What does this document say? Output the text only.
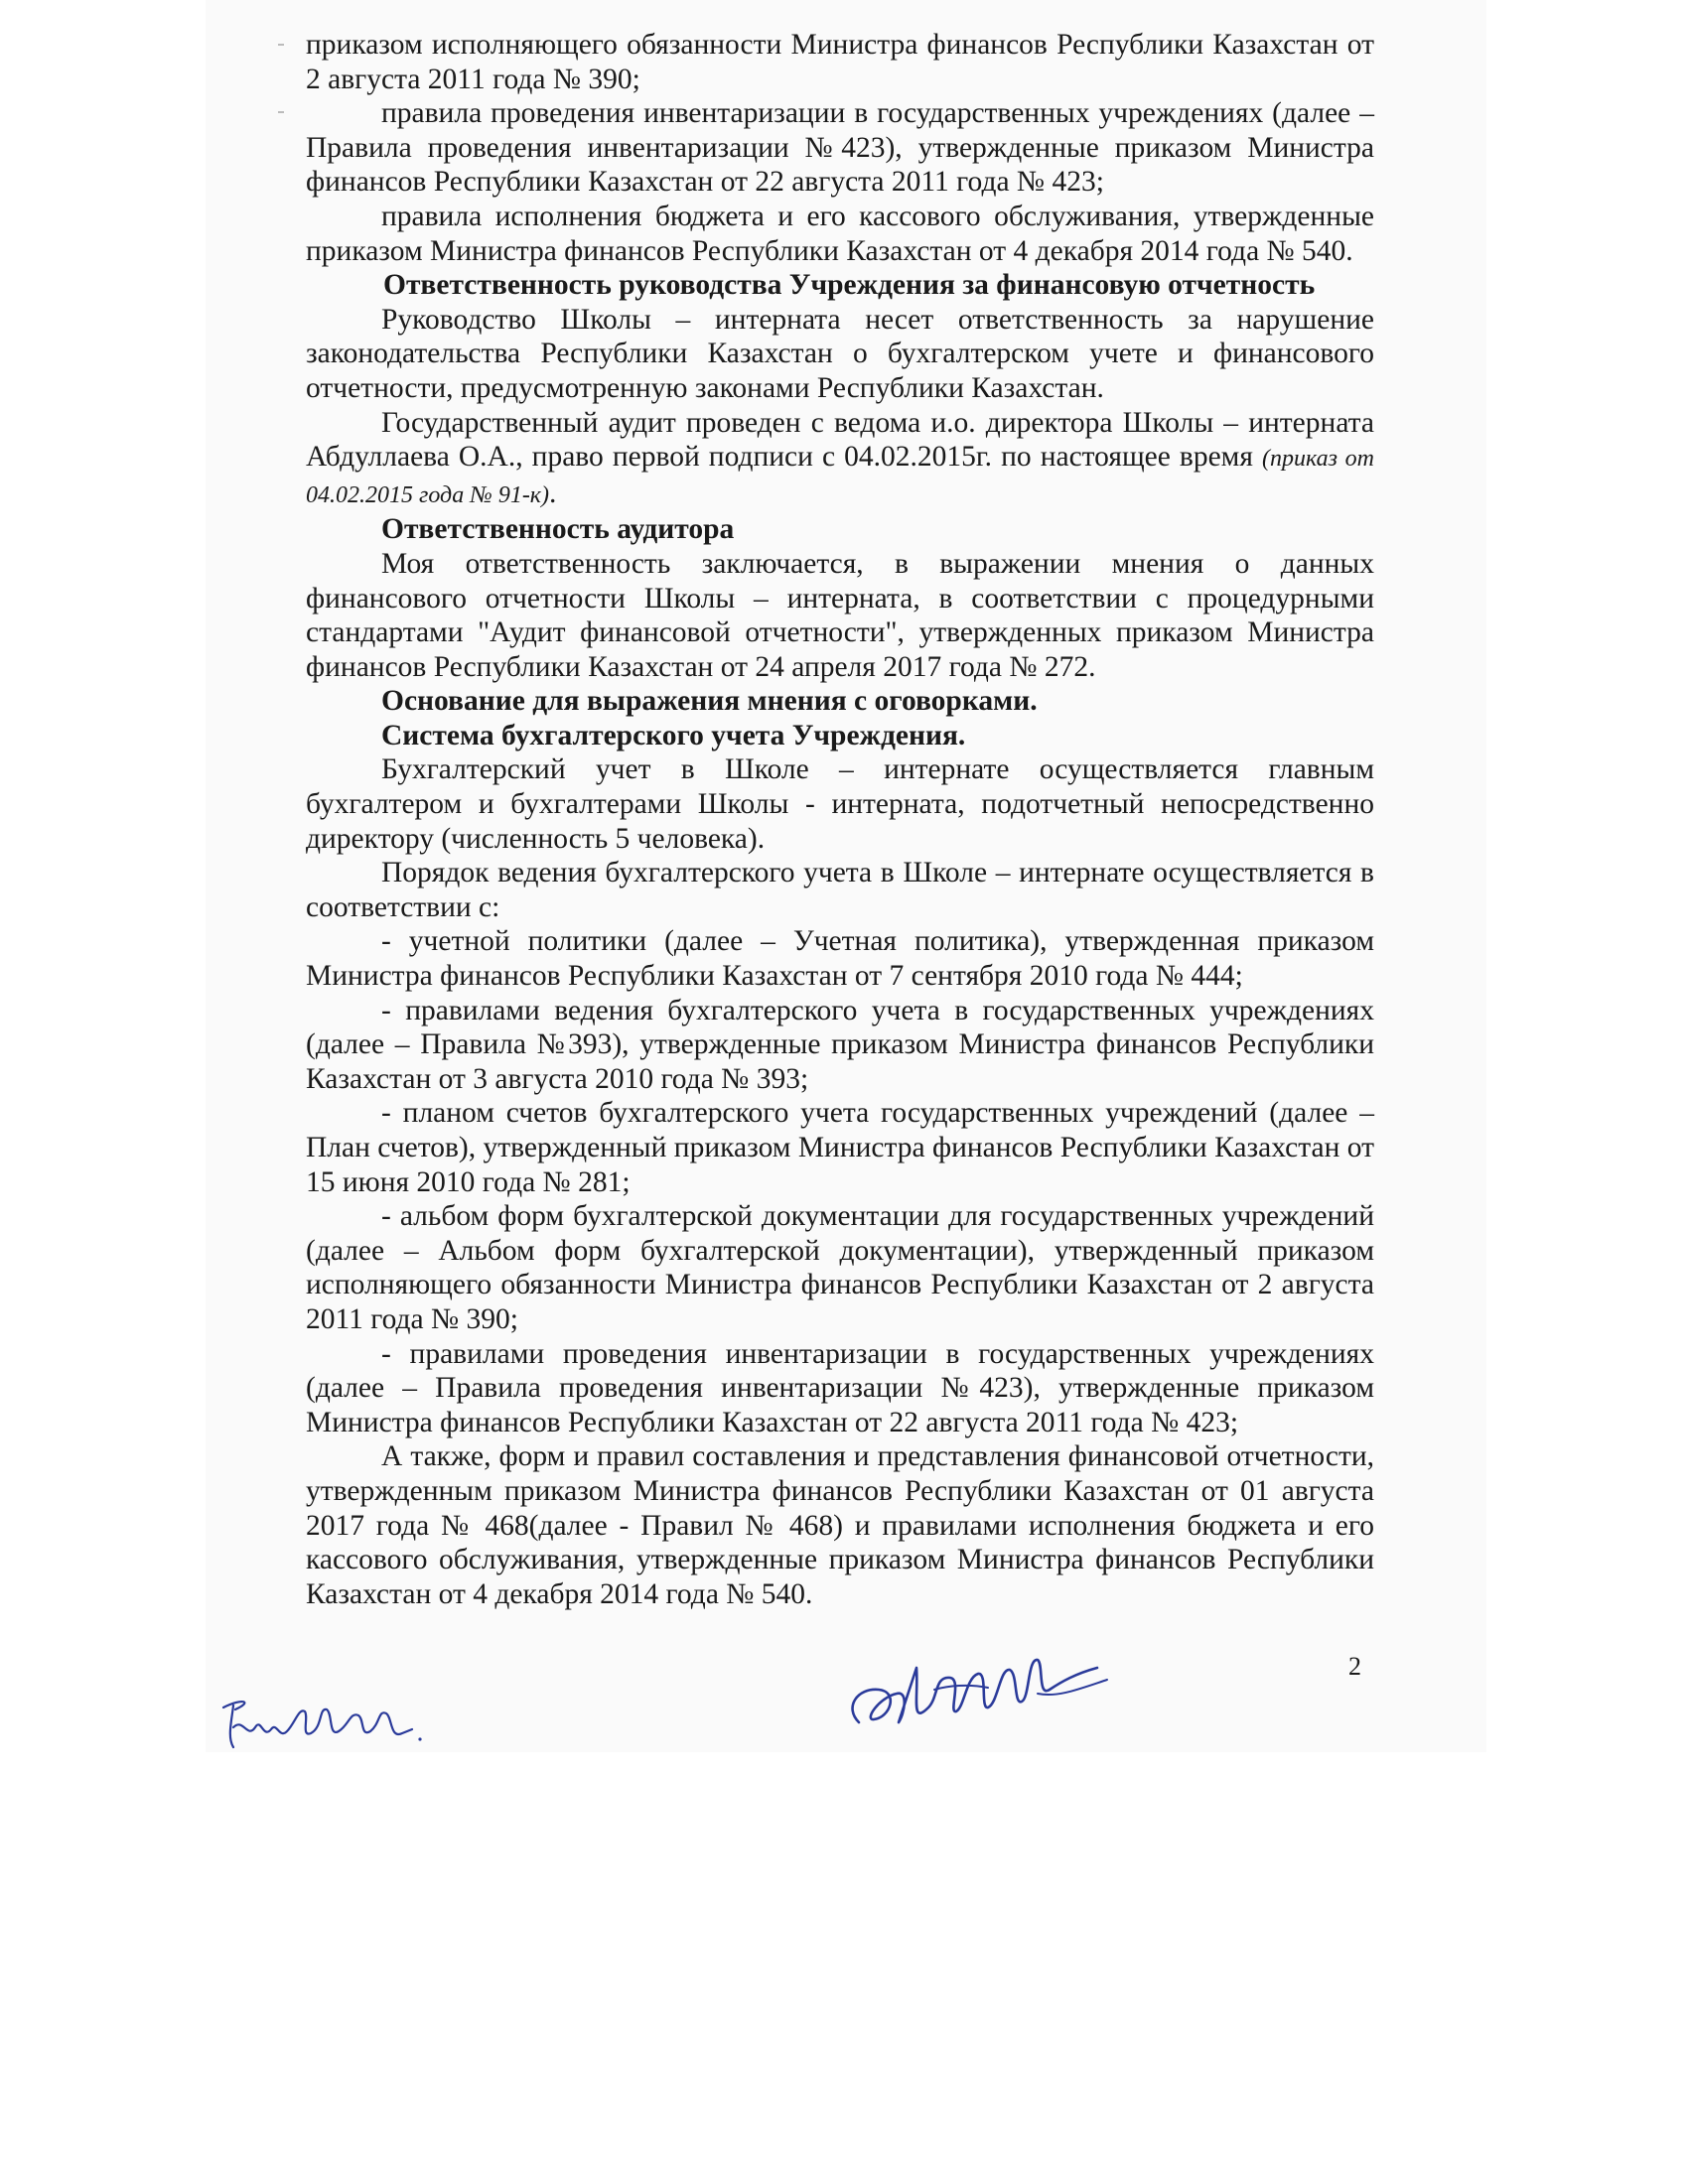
приказом исполняющего обязанности Министра финансов Республики Казахстан от 2 августа 2011 года № 390;

правила проведения инвентаризации в государственных учреждениях (далее – Правила проведения инвентаризации №423), утвержденные приказом Министра финансов Республики Казахстан от 22 августа 2011 года № 423;

правила исполнения бюджета и его кассового обслуживания, утвержденные приказом Министра финансов Республики Казахстан от 4 декабря 2014 года № 540.

Ответственность руководства Учреждения за финансовую отчетность

Руководство Школы – интерната несет ответственность за нарушение законодательства Республики Казахстан о бухгалтерском учете и финансового отчетности, предусмотренную законами Республики Казахстан.

Государственный аудит проведен с ведома и.о. директора Школы – интерната Абдуллаева О.А., право первой подписи с 04.02.2015г. по настоящее время (приказ от 04.02.2015 года № 91-к).

Ответственность аудитора

Моя ответственность заключается, в выражении мнения о данных финансового отчетности Школы – интерната, в соответствии с процедурными стандартами "Аудит финансовой отчетности", утвержденных приказом Министра финансов Республики Казахстан от 24 апреля 2017 года № 272.

Основание для выражения мнения с оговорками.

Система бухгалтерского учета Учреждения.

Бухгалтерский учет в Школе – интернате осуществляется главным бухгалтером и бухгалтерами Школы - интерната, подотчетный непосредственно директору (численность 5 человека).

Порядок ведения бухгалтерского учета в Школе – интернате осуществляется в соответствии с:

- учетной политики (далее – Учетная политика), утвержденная приказом Министра финансов Республики Казахстан от 7 сентября 2010 года № 444;

- правилами ведения бухгалтерского учета в государственных учреждениях (далее – Правила №393), утвержденные приказом Министра финансов Республики Казахстан от 3 августа 2010 года № 393;

- планом счетов бухгалтерского учета государственных учреждений (далее – План счетов), утвержденный приказом Министра финансов Республики Казахстан от 15 июня 2010 года № 281;

- альбом форм бухгалтерской документации для государственных учреждений (далее – Альбом форм бухгалтерской документации), утвержденный приказом исполняющего обязанности Министра финансов Республики Казахстан от 2 августа 2011 года № 390;

- правилами проведения инвентаризации в государственных учреждениях (далее – Правила проведения инвентаризации №423), утвержденные приказом Министра финансов Республики Казахстан от 22 августа 2011 года № 423;

А также, форм и правил составления и представления финансовой отчетности, утвержденным приказом Министра финансов Республики Казахстан от 01 августа 2017 года № 468(далее - Правил № 468) и правилами исполнения бюджета и его кассового обслуживания, утвержденные приказом Министра финансов Республики Казахстан от 4 декабря 2014 года № 540.

2
